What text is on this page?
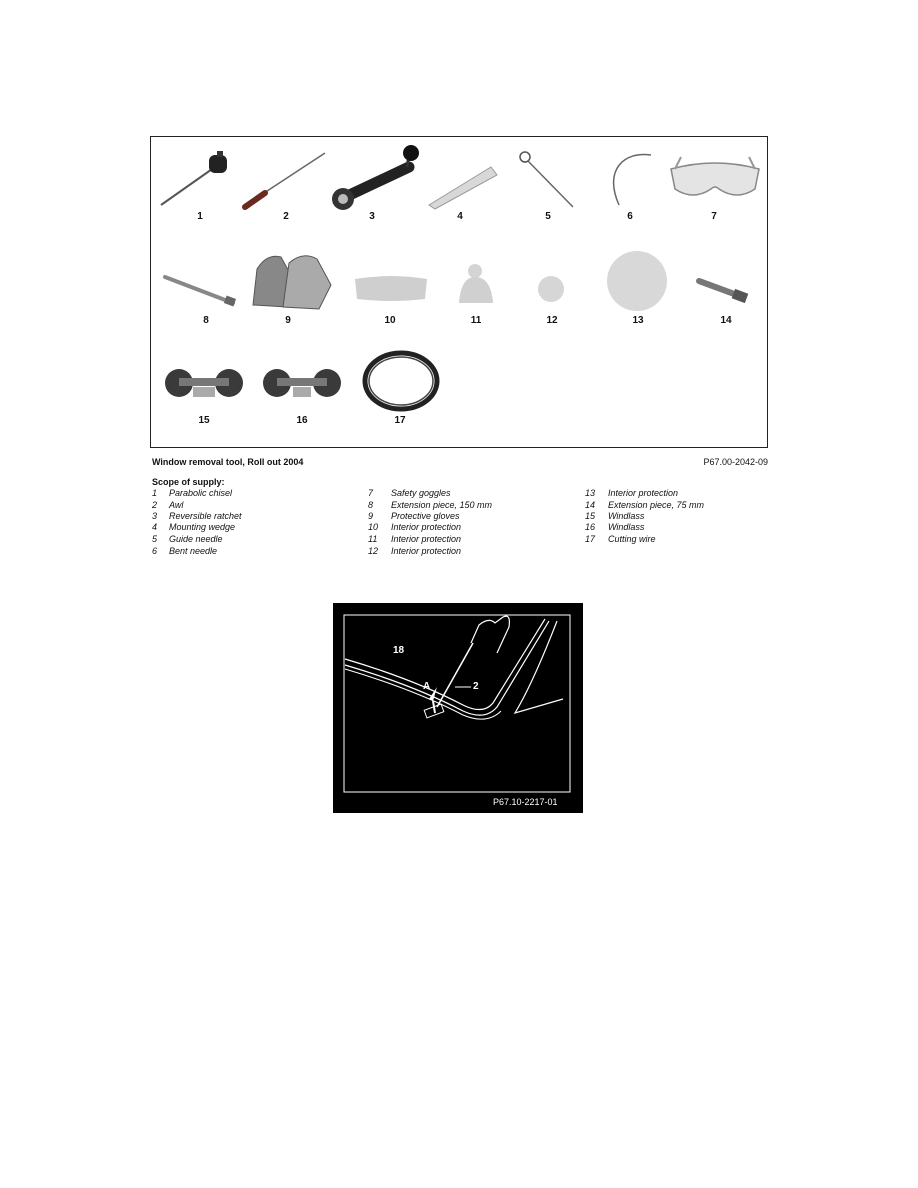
1	2	3	4	5	6	7
8	9	10	11	12	13	14
15	16	17
Window removal tool, Roll out 2004	P67.00-2042-09
Scope of supply:
1 Parabolic chisel
2 Awl
3 Reversible ratchet
4 Mounting wedge
5 Guide needle
6 Bent needle
7 Safety goggles
8 Extension piece, 150 mm
9 Protective gloves
10 Interior protection
11 Interior protection
12 Interior protection
13 Interior protection
14 Extension piece, 75 mm
15 Windlass
16 Windlass
17 Cutting wire
18
A	2
P67.10-2217-01
